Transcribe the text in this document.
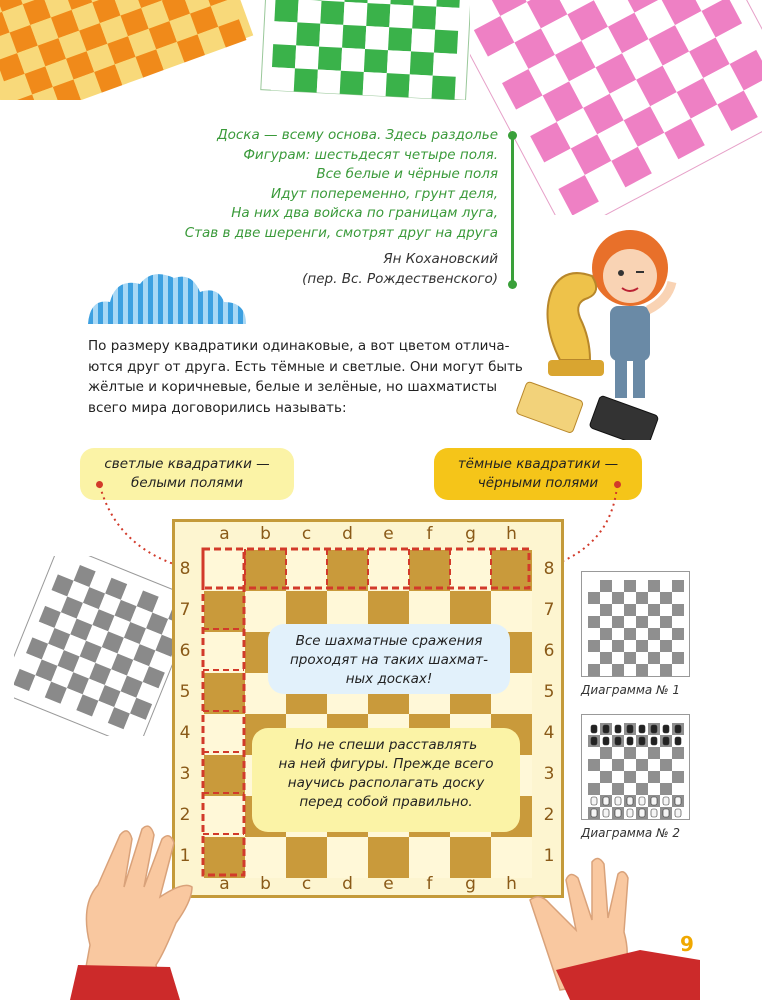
Доска — всему основа. Здесь раздолье
Фигурам: шестьдесят четыре поля.
Все белые и чёрные поля
Идут попеременно, грунт деля,
На них два войска по границам луга,
Став в две шеренги, смотрят друг на друга
Ян Кохановский
(пер. Вс. Рождественского)
По размеру квадратики одинаковые, а вот цветом отлича-
ются друг от друга. Есть тёмные и светлые. Они могут быть
жёлтые и коричневые, белые и зелёные, но шахматисты
всего мира договорились называть:
светлые квадратики —
белыми полями
тёмные квадратики —
чёрными полями
a	b	c	d	e	f	g	h
a	b	c	d	e	f	g	h
8
7
6
5
4
3
2
1
8
7
6
5
4
3
2
1
Все шахматные сражения
проходят на таких шахмат-
ных досках!
Но не спеши расставлять
на ней фигуры. Прежде всего
научись располагать доску
перед собой правильно.
Диаграмма № 1
Диаграмма № 2
9
